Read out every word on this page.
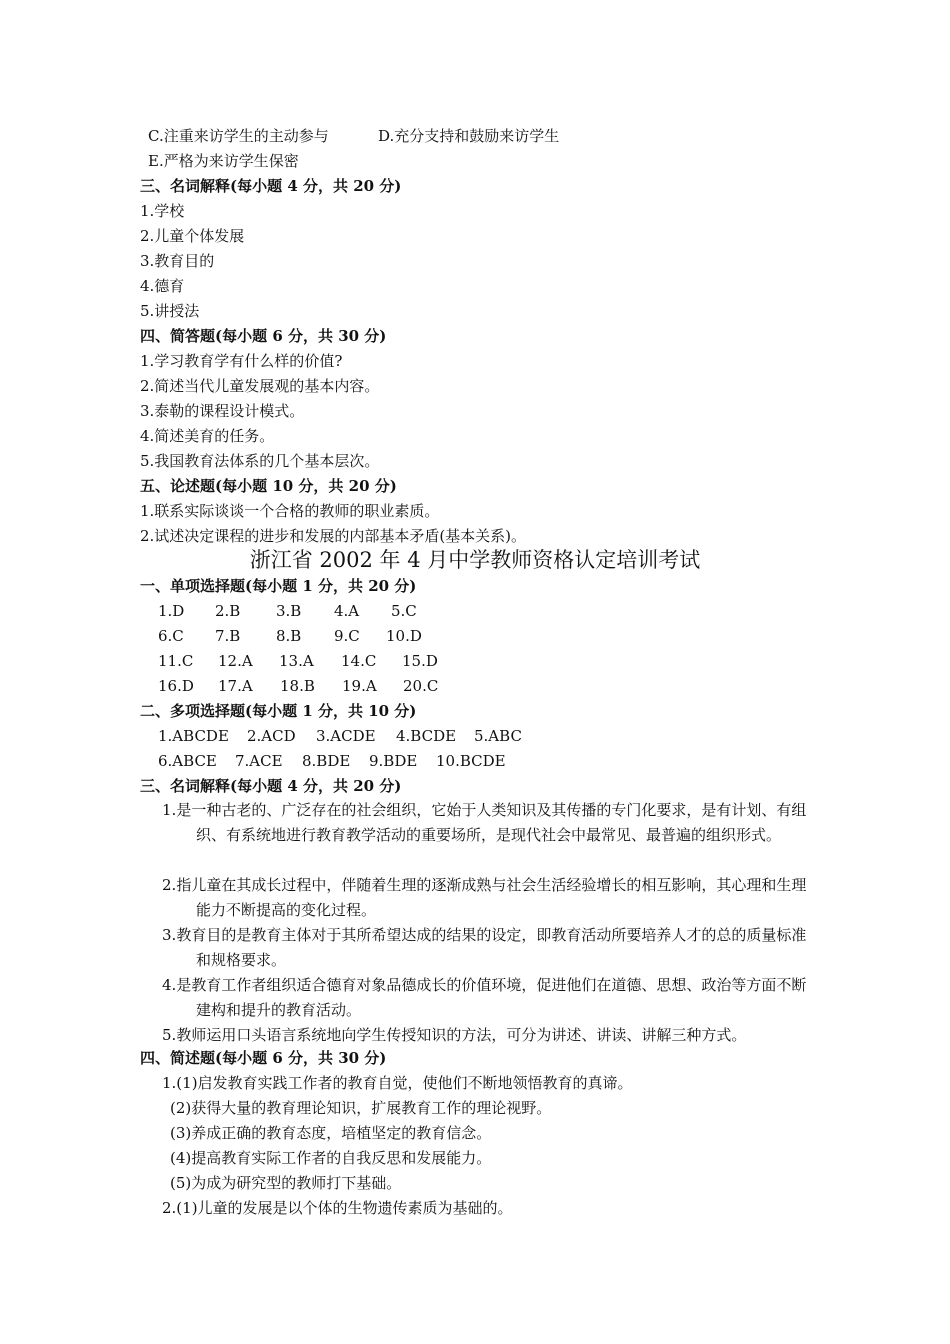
C.注重来访学生的主动参与	D.充分支持和鼓励来访学生
E.严格为来访学生保密
三、名词解释(每小题 4 分，共 20 分)
1.学校
2.儿童个体发展
3.教育目的
4.德育
5.讲授法
四、简答题(每小题 6 分，共 30 分)
1.学习教育学有什么样的价值?
2.简述当代儿童发展观的基本内容。
3.泰勒的课程设计模式。
4.简述美育的任务。
5.我国教育法体系的几个基本层次。
五、论述题(每小题 10 分，共 20 分)
1.联系实际谈谈一个合格的教师的职业素质。
2.试述决定课程的进步和发展的内部基本矛盾(基本关系)。
浙江省 2002 年 4 月中学教师资格认定培训考试
一、单项选择题(每小题 1 分，共 20 分)
1.D 2.B 3.B 4.A 5.C
6.C 7.B 8.B 9.C 10.D
11.C 12.A 13.A 14.C 15.D
16.D 17.A 18.B 19.A 20.C
二、多项选择题(每小题 1 分，共 10 分)
1.ABCDE 2.ACD 3.ACDE 4.BCDE 5.ABC
6.ABCE 7.ACE 8.BDE 9.BDE 10.BCDE
三、名词解释(每小题 4 分，共 20 分)
1. 是一种古老的、广泛存在的社会组织，它始于人类知识及其传播的专门化要求，是有计划、有组织、有系统地进行教育教学活动的重要场所，是现代社会中最常见、最普遍的组织形式。
2. 指儿童在其成长过程中，伴随着生理的逐渐成熟与社会生活经验增长的相互影响，其心理和生理能力不断提高的变化过程。
3. 教育目的是教育主体对于其所希望达成的结果的设定，即教育活动所要培养人才的总的质量标准和规格要求。
4. 是教育工作者组织适合德育对象品德成长的价值环境，促进他们在道德、思想、政治等方面不断建构和提升的教育活动。
5. 教师运用口头语言系统地向学生传授知识的方法，可分为讲述、讲读、讲解三种方式。
四、简述题(每小题 6 分，共 30 分)
1.(1)启发教育实践工作者的教育自觉，使他们不断地领悟教育的真谛。
(2)获得大量的教育理论知识，扩展教育工作的理论视野。
(3)养成正确的教育态度，培植坚定的教育信念。
(4)提高教育实际工作者的自我反思和发展能力。
(5)为成为研究型的教师打下基础。
2.(1)儿童的发展是以个体的生物遗传素质为基础的。
